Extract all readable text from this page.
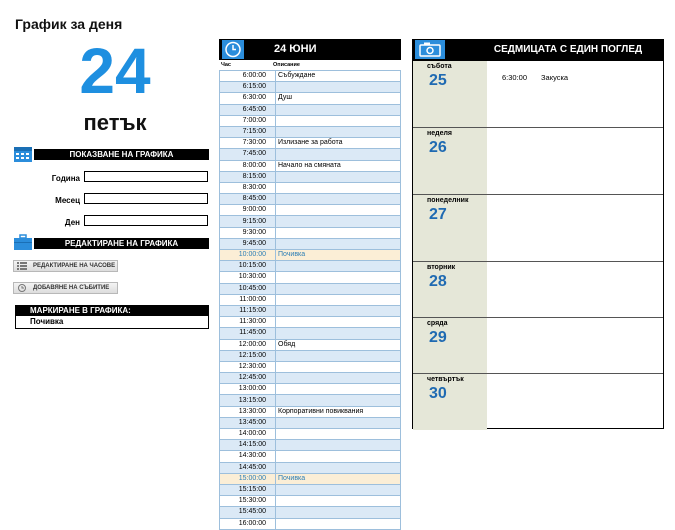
График за деня
24
петък
ПОКАЗВАНЕ НА ГРАФИКА
Година
Месец
Ден
РЕДАКТИРАНЕ НА ГРАФИКА
РЕДАКТИРАНЕ НА ЧАСОВЕ
ДОБАВЯНЕ НА СЪБИТИЕ
МАРКИРАНЕ В ГРАФИКА:
Почивка
24 ЮНИ
Час	Описание
6:00:00	Събуждане
6:15:00	
6:30:00	Душ
6:45:00	
7:00:00	
7:15:00	
7:30:00	Излизане за работа
7:45:00	
8:00:00	Начало на смяната
8:15:00	
8:30:00	
8:45:00	
9:00:00	
9:15:00	
9:30:00	
9:45:00	
10:00:00	Почивка
10:15:00	
10:30:00	
10:45:00	
11:00:00	
11:15:00	
11:30:00	
11:45:00	
12:00:00	Обяд
12:15:00	
12:30:00	
12:45:00	
13:00:00	
13:15:00	
13:30:00	Корпоративни повиквания
13:45:00	
14:00:00	
14:15:00	
14:30:00	
14:45:00	
15:00:00	Почивка
15:15:00	
15:30:00	
15:45:00	
16:00:00	
СЕДМИЦАТА С ЕДИН ПОГЛЕД
събота
25	6:30:00 Закуска
неделя
26
понеделник
27
вторник
28
сряда
29
четвъртък
30
